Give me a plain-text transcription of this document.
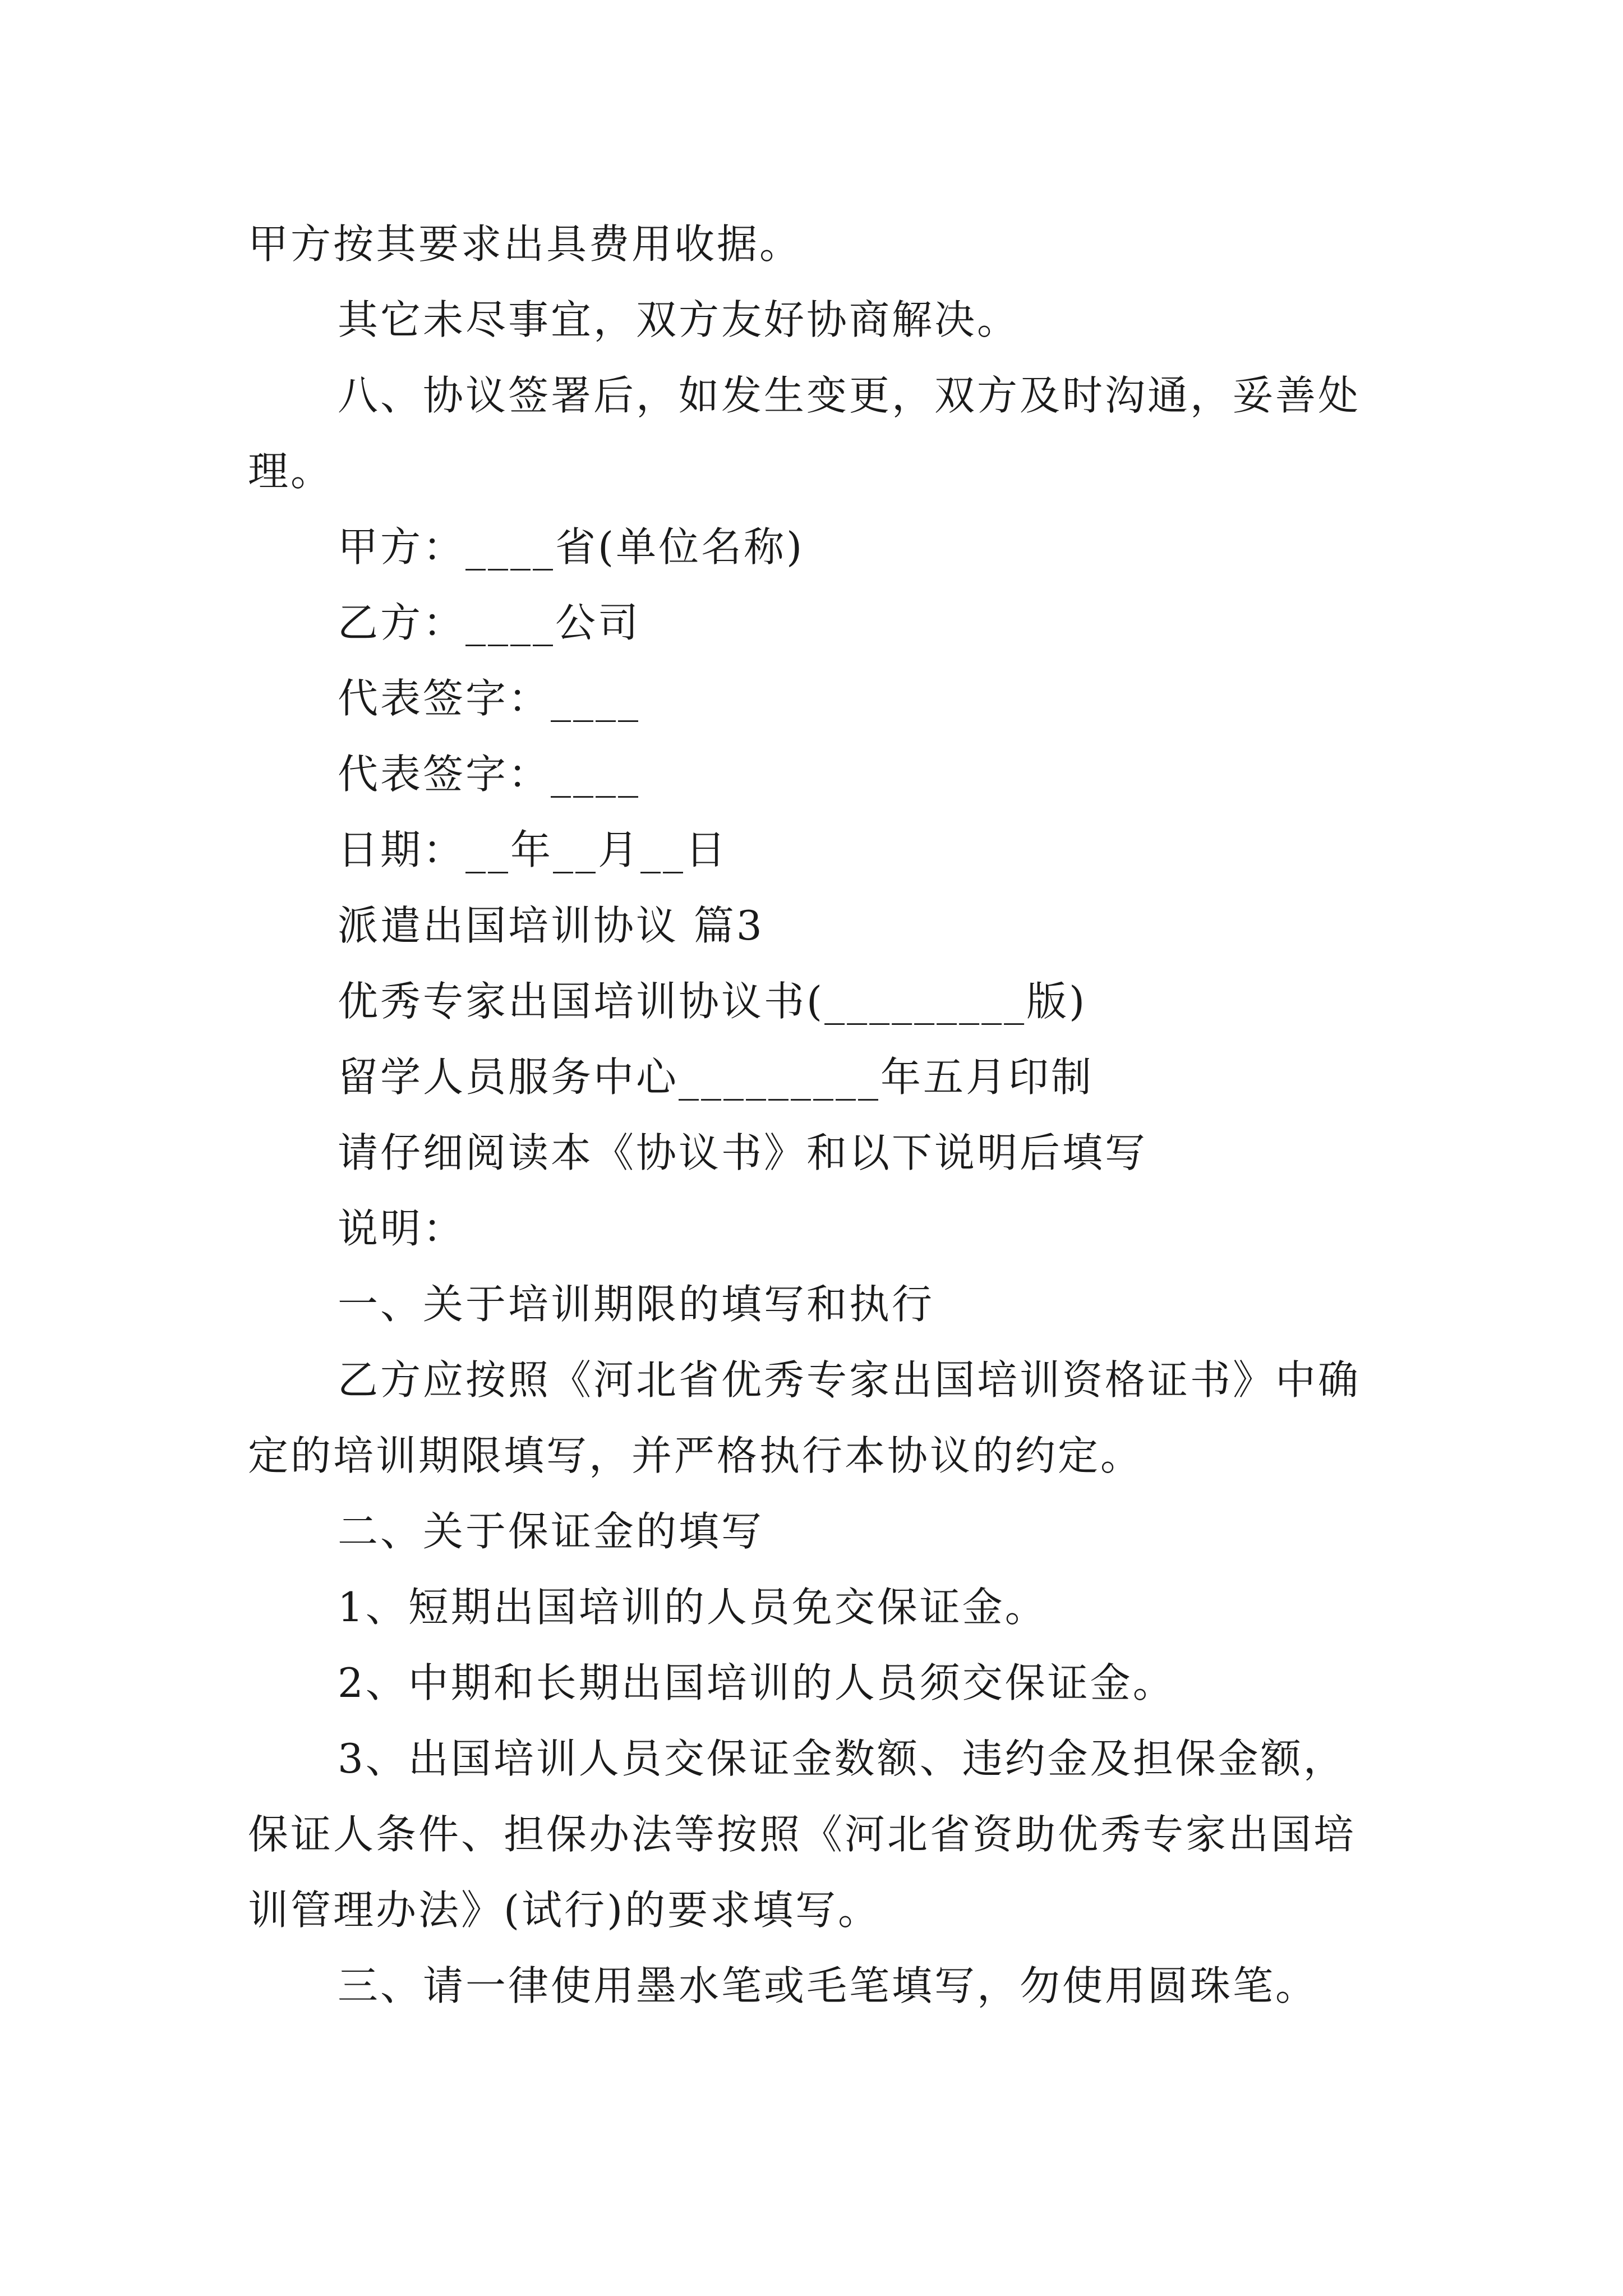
甲方按其要求出具费用收据。
其它未尽事宜，双方友好协商解决。
八、协议签署后，如发生变更，双方及时沟通，妥善处
理。
甲方：____省(单位名称)
乙方：____公司
代表签字：____
代表签字：____
日期：__年__月__日
派遣出国培训协议 篇3
优秀专家出国培训协议书(_________版)
留学人员服务中心_________年五月印制
请仔细阅读本《协议书》和以下说明后填写
说明：
一、关于培训期限的填写和执行
乙方应按照《河北省优秀专家出国培训资格证书》中确
定的培训期限填写，并严格执行本协议的约定。
二、关于保证金的填写
1、短期出国培训的人员免交保证金。
2、中期和长期出国培训的人员须交保证金。
3、出国培训人员交保证金数额、违约金及担保金额，
保证人条件、担保办法等按照《河北省资助优秀专家出国培
训管理办法》(试行)的要求填写。
三、请一律使用墨水笔或毛笔填写，勿使用圆珠笔。
